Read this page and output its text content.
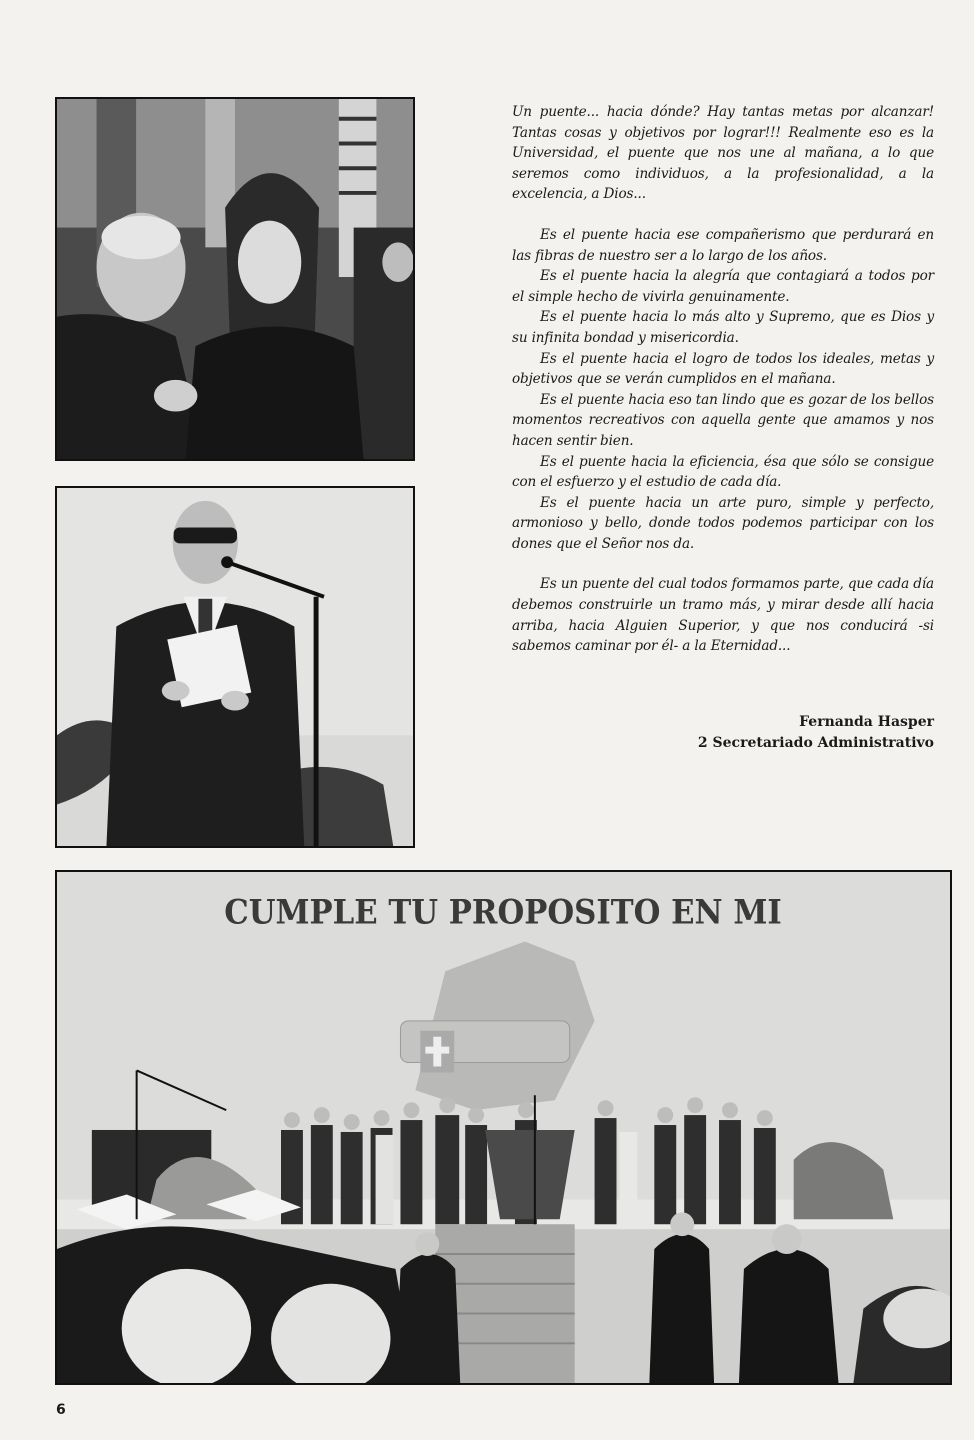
Un puente... hacia dónde? Hay tantas metas por alcanzar! Tantas cosas y objetivos por lograr!!! Realmente eso es la Universidad, el puente que nos une al mañana, a lo que seremos como individuos, a la profesionalidad, a la excelencia, a Dios...

Es el puente hacia ese compañerismo que perdurará en las fibras de nuestro ser a lo largo de los años.

Es el puente hacia la alegría que contagiará a todos por el simple hecho de vivirla genuinamente.

Es el puente hacia lo más alto y Supremo, que es Dios y su infinita bondad y misericordia.

Es el puente hacia el logro de todos los ideales, metas y objetivos que se verán cumplidos en el mañana.

Es el puente hacia eso tan lindo que es gozar de los bellos momentos recreativos con aquella gente que amamos y nos hacen sentir bien.

Es el puente hacia la eficiencia, ésa que sólo se consigue con el esfuerzo y el estudio de cada día.

Es el puente hacia un arte puro, simple y perfecto, armonioso y bello, donde todos podemos participar con los dones que el Señor nos da.

Es un puente del cual todos formamos parte, que cada día debemos construirle un tramo más, y mirar desde allí hacia arriba, hacia Alguien Superior, y que nos conducirá -si sabemos caminar por él- a la Eternidad...

Fernanda Hasper
2 Secretariado Administrativo
CUMPLE TU PROPOSITO EN MI
6
